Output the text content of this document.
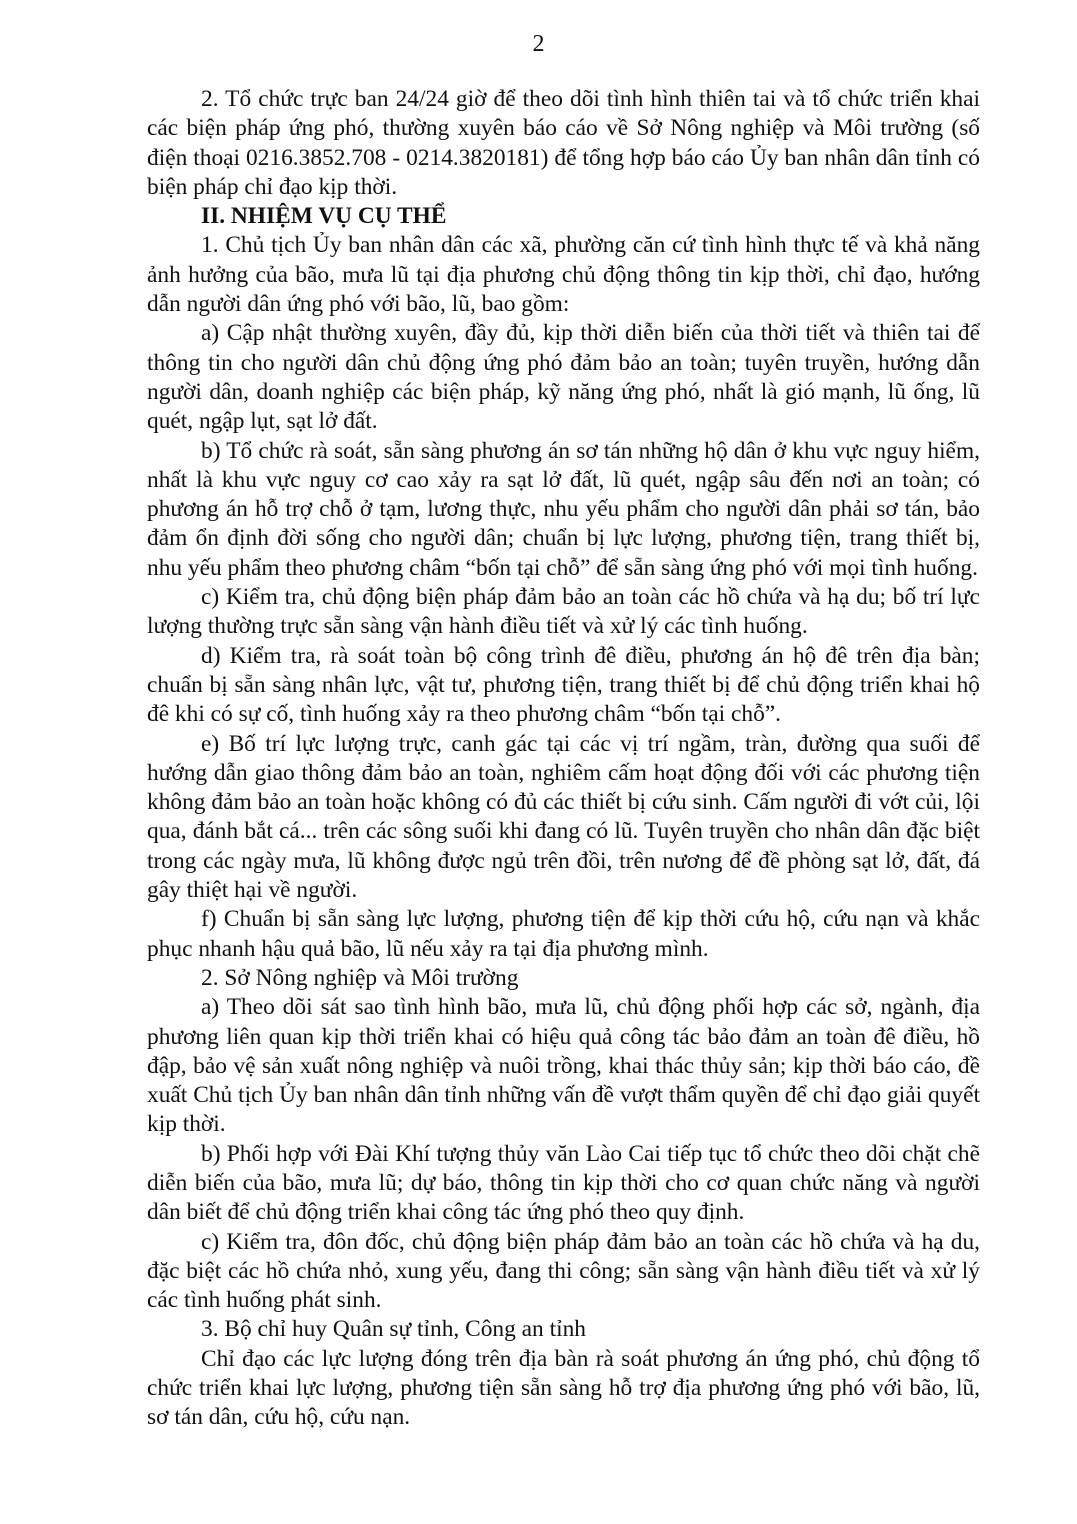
2

2. Tổ chức trực ban 24/24 giờ để theo dõi tình hình thiên tai và tổ chức triển khai các biện pháp ứng phó, thường xuyên báo cáo về Sở Nông nghiệp và Môi trường (số điện thoại 0216.3852.708 - 0214.3820181) để tổng hợp báo cáo Ủy ban nhân dân tỉnh có biện pháp chỉ đạo kịp thời.

II. NHIỆM VỤ CỤ THỂ

1. Chủ tịch Ủy ban nhân dân các xã, phường căn cứ tình hình thực tế và khả năng ảnh hưởng của bão, mưa lũ tại địa phương chủ động thông tin kịp thời, chỉ đạo, hướng dẫn người dân ứng phó với bão, lũ, bao gồm:

a) Cập nhật thường xuyên, đầy đủ, kịp thời diễn biến của thời tiết và thiên tai để thông tin cho người dân chủ động ứng phó đảm bảo an toàn; tuyên truyền, hướng dẫn người dân, doanh nghiệp các biện pháp, kỹ năng ứng phó, nhất là gió mạnh, lũ ống, lũ quét, ngập lụt, sạt lở đất.

b) Tổ chức rà soát, sẵn sàng phương án sơ tán những hộ dân ở khu vực nguy hiểm, nhất là khu vực nguy cơ cao xảy ra sạt lở đất, lũ quét, ngập sâu đến nơi an toàn; có phương án hỗ trợ chỗ ở tạm, lương thực, nhu yếu phẩm cho người dân phải sơ tán, bảo đảm ổn định đời sống cho người dân; chuẩn bị lực lượng, phương tiện, trang thiết bị, nhu yếu phẩm theo phương châm “bốn tại chỗ” để sẵn sàng ứng phó với mọi tình huống.

c) Kiểm tra, chủ động biện pháp đảm bảo an toàn các hồ chứa và hạ du; bố trí lực lượng thường trực sẵn sàng vận hành điều tiết và xử lý các tình huống.

d) Kiểm tra, rà soát toàn bộ công trình đê điều, phương án hộ đê trên địa bàn; chuẩn bị sẵn sàng nhân lực, vật tư, phương tiện, trang thiết bị để chủ động triển khai hộ đê khi có sự cố, tình huống xảy ra theo phương châm “bốn tại chỗ”.

e) Bố trí lực lượng trực, canh gác tại các vị trí ngầm, tràn, đường qua suối để hướng dẫn giao thông đảm bảo an toàn, nghiêm cấm hoạt động đối với các phương tiện không đảm bảo an toàn hoặc không có đủ các thiết bị cứu sinh. Cấm người đi vớt củi, lội qua, đánh bắt cá... trên các sông suối khi đang có lũ. Tuyên truyền cho nhân dân đặc biệt trong các ngày mưa, lũ không được ngủ trên đồi, trên nương để đề phòng sạt lở, đất, đá gây thiệt hại về người.

f) Chuẩn bị sẵn sàng lực lượng, phương tiện để kịp thời cứu hộ, cứu nạn và khắc phục nhanh hậu quả bão, lũ nếu xảy ra tại địa phương mình.

2. Sở Nông nghiệp và Môi trường

a) Theo dõi sát sao tình hình bão, mưa lũ, chủ động phối hợp các sở, ngành, địa phương liên quan kịp thời triển khai có hiệu quả công tác bảo đảm an toàn đê điều, hồ đập, bảo vệ sản xuất nông nghiệp và nuôi trồng, khai thác thủy sản; kịp thời báo cáo, đề xuất Chủ tịch Ủy ban nhân dân tỉnh những vấn đề vượt thẩm quyền để chỉ đạo giải quyết kịp thời.

b) Phối hợp với Đài Khí tượng thủy văn Lào Cai tiếp tục tổ chức theo dõi chặt chẽ diễn biến của bão, mưa lũ; dự báo, thông tin kịp thời cho cơ quan chức năng và người dân biết để chủ động triển khai công tác ứng phó theo quy định.

c) Kiểm tra, đôn đốc, chủ động biện pháp đảm bảo an toàn các hồ chứa và hạ du, đặc biệt các hồ chứa nhỏ, xung yếu, đang thi công; sẵn sàng vận hành điều tiết và xử lý các tình huống phát sinh.

3. Bộ chỉ huy Quân sự tỉnh, Công an tỉnh

Chỉ đạo các lực lượng đóng trên địa bàn rà soát phương án ứng phó, chủ động tổ chức triển khai lực lượng, phương tiện sẵn sàng hỗ trợ địa phương ứng phó với bão, lũ, sơ tán dân, cứu hộ, cứu nạn.
